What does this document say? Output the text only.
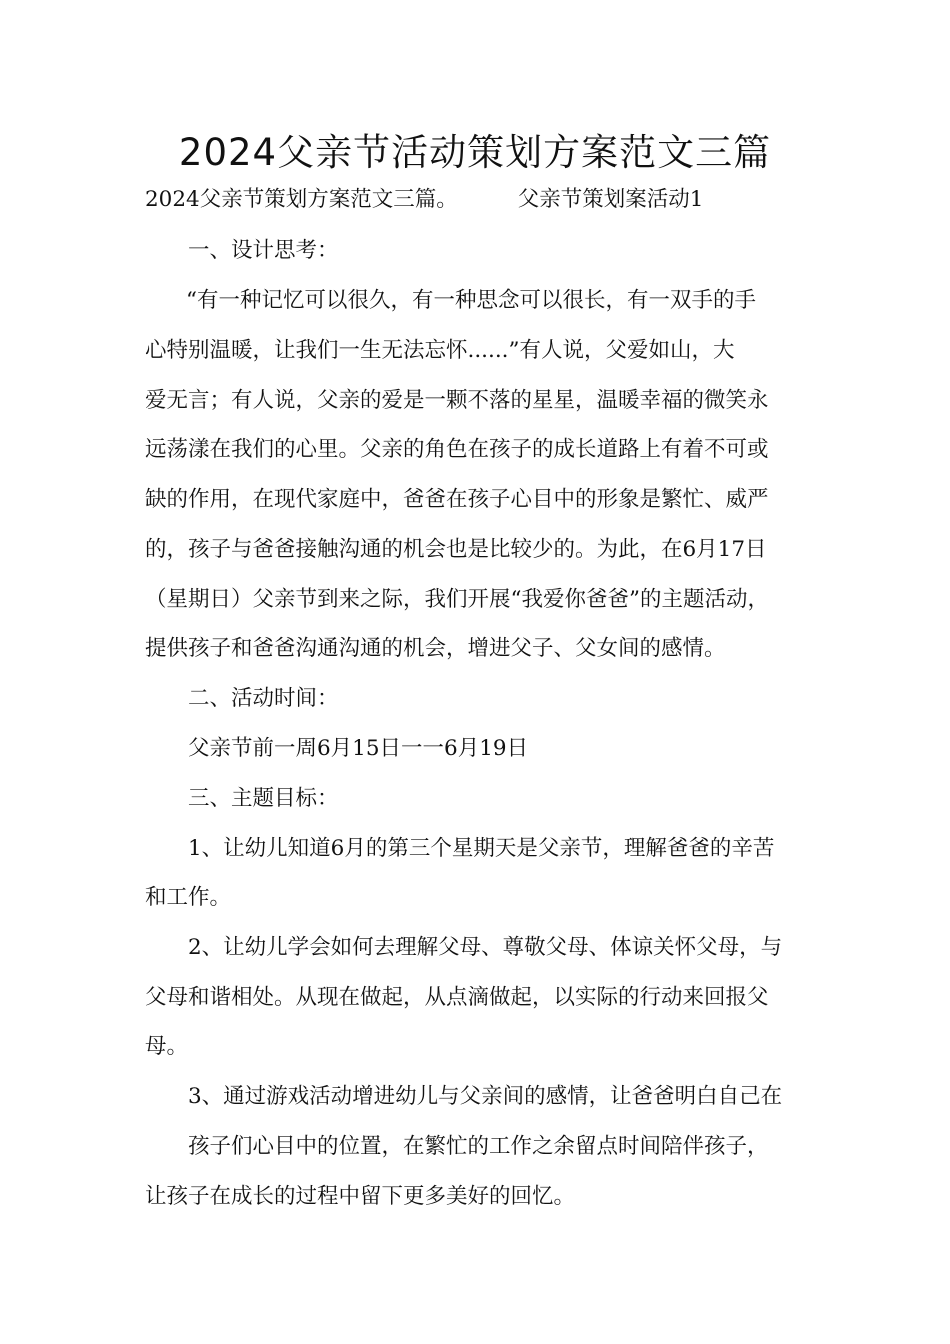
2024父亲节活动策划方案范文三篇

2024父亲节策划方案范文三篇。	父亲节策划案活动1

一、设计思考：

“有一种记忆可以很久，有一种思念可以很长，有一双手的手

心特别温暖，让我们一生无法忘怀......”有人说，父爱如山，大

爱无言；有人说，父亲的爱是一颗不落的星星，温暖幸福的微笑永

远荡漾在我们的心里。父亲的角色在孩子的成长道路上有着不可或

缺的作用，在现代家庭中，爸爸在孩子心目中的形象是繁忙、威严

的，孩子与爸爸接触沟通的机会也是比较少的。为此，在6月17日

（星期日）父亲节到来之际，我们开展“我爱你爸爸”的主题活动，

提供孩子和爸爸沟通沟通的机会，增进父子、父女间的感情。

二、活动时间：

父亲节前一周6月15日一一6月19日

三、主题目标：

1、让幼儿知道6月的第三个星期天是父亲节，理解爸爸的辛苦

和工作。

2、让幼儿学会如何去理解父母、尊敬父母、体谅关怀父母，与

父母和谐相处。从现在做起，从点滴做起，以实际的行动来回报父

母。

3、通过游戏活动增进幼儿与父亲间的感情，让爸爸明白自己在

孩子们心目中的位置，在繁忙的工作之余留点时间陪伴孩子，

让孩子在成长的过程中留下更多美好的回忆。
